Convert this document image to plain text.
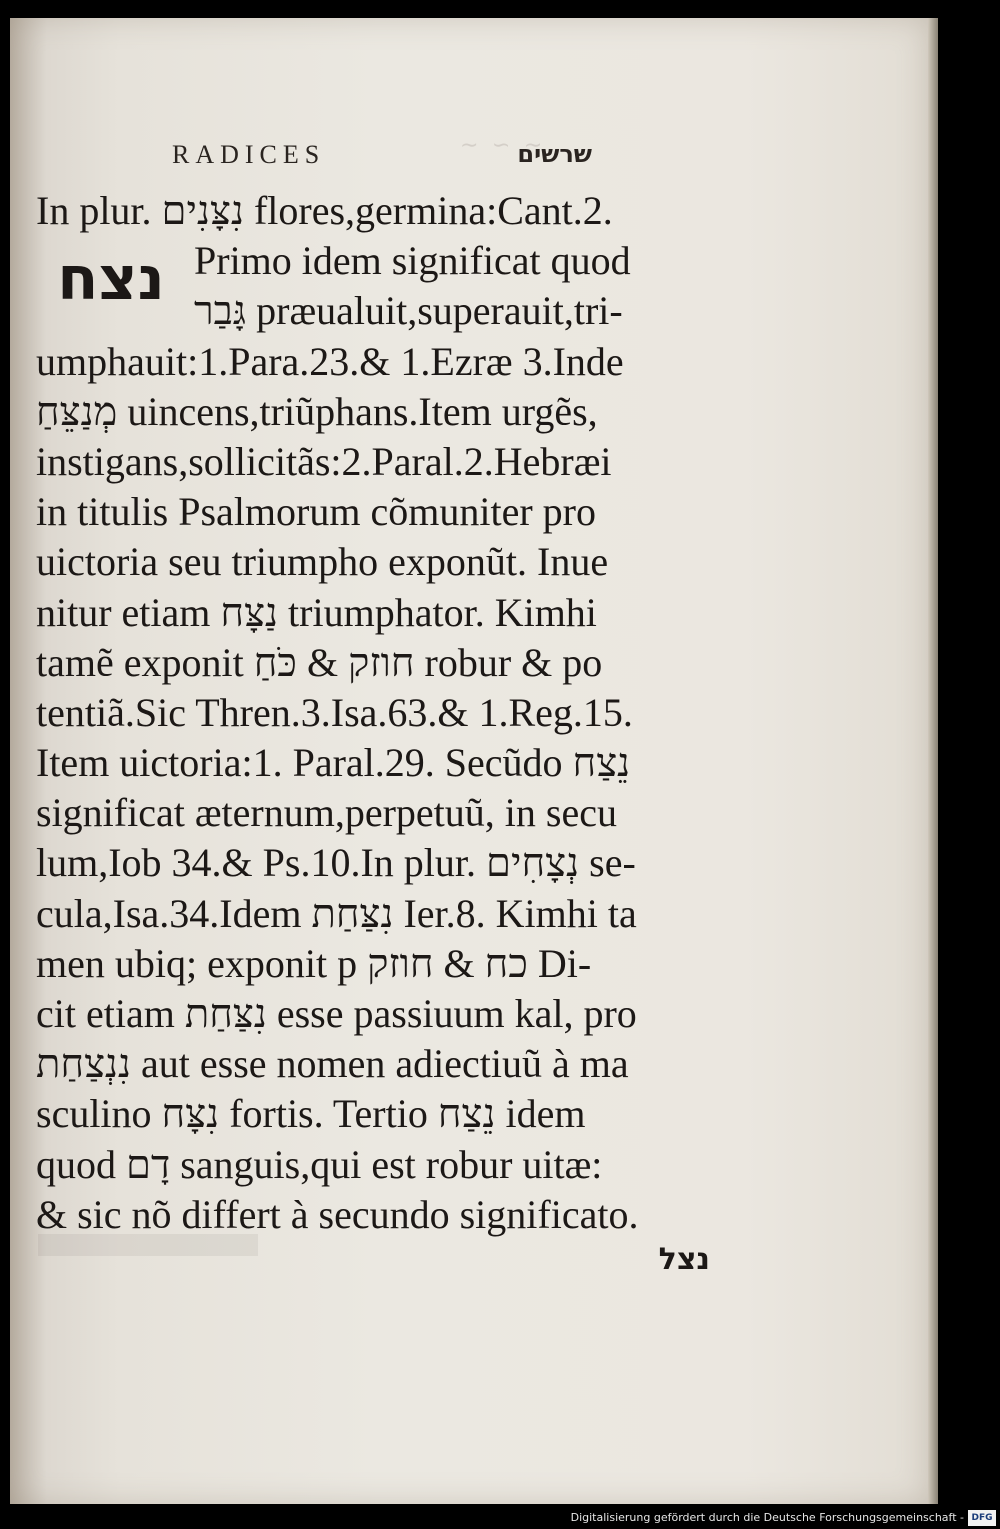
∼ ∽ ∼
RADICES	שרשים
נצח
In plur. נִצָּנִים flores,germina:Cant.2.
Primo idem significat quod
גָּבַר præualuit,superauit,tri-
umphauit:1.Para.23.& 1.Ezræ 3.Inde
מְנַצֵּחַ uincens,triũphans.Item urgẽs,
instigans,sollicitãs:2.Paral.2.Hebræi
in titulis Psalmorum cõmuniter pro
uictoria seu triumpho exponũt. Inue
nitur etiam נַצָּח triumphator. Kimhi
tamẽ exponit חוזק & כֹּחַ robur & po
tentiã.Sic Thren.3.Isa.63.& 1.Reg.15.
Item uictoria:1. Paral.29. Secũdo נֵצַח
significat æternum,perpetuũ, in secu
lum,Iob 34.& Ps.10.In plur. נְצָחִים se-
cula,Isa.34.Idem נִצַּחַת Ier.8. Kimhi ta
men ubiq; exponit p כח & חוזק Di-
cit etiam נִצַּחַת esse passiuum kal, pro
נִנְצַחַת aut esse nomen adiectiuũ à ma
sculino נִצָּח fortis. Tertio נֵצַח idem
quod דָם sanguis,qui est robur uitæ:
& sic nõ differt à secundo significato.
נצל
Digitalisierung gefördert durch die Deutsche Forschungsgemeinschaft - DFG
